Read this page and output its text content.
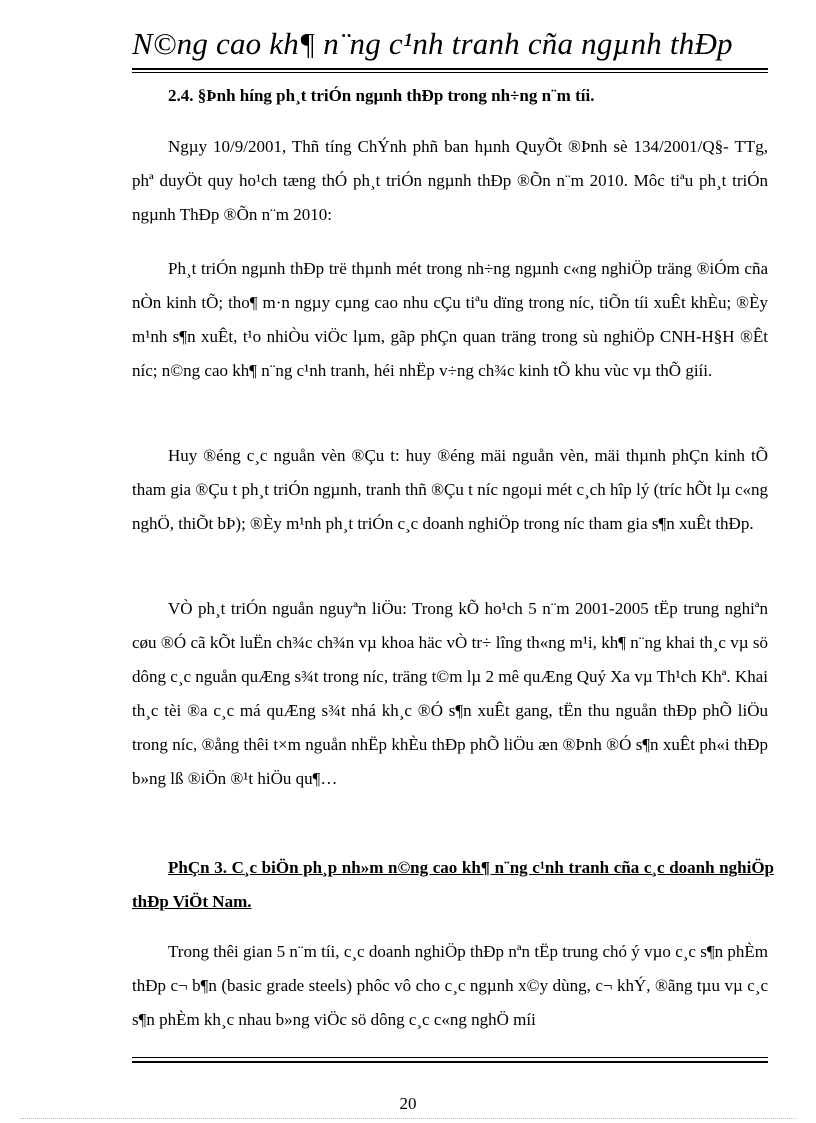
N©ng cao kh¶ n¨ng c¹nh tranh cña ngµnh thÐp
2.4. §Þnh híng ph¸t triÓn ngµnh thÐp trong nh÷ng n¨m tíi.

Ngµy 10/9/2001, Thñ tíng ChÝnh phñ ban hµnh QuyÕt ®Þnh sè 134/2001/Q§- TTg, phª duyÖt quy ho¹ch tæng thÓ ph¸t triÓn ngµnh thÐp ®Õn n¨m 2010. Môc tiªu ph¸t triÓn ngµnh ThÐp ®Õn n¨m 2010:

Ph¸t triÓn ngµnh thÐp trë thµnh mét trong nh÷ng ngµnh c«ng nghiÖp träng ®iÓm cña nÒn kinh tÕ; tho¶ m·n ngµy cµng cao nhu cÇu tiªu dïng trong níc, tiÕn tíi xuÊt khÈu; ®Èy m¹nh s¶n xuÊt, t¹o nhiÒu viÖc lµm, gãp phÇn quan träng trong sù nghiÖp CNH-H§H ®Êt níc; n©ng cao kh¶ n¨ng c¹nh tranh, héi nhËp v÷ng ch¾c kinh tÕ khu vùc vµ thÕ giíi.

Huy ®éng c¸c nguån vèn ®Çu t: huy ®éng mäi nguån vèn, mäi thµnh phÇn kinh tÕ tham gia ®Çu t ph¸t triÓn ngµnh, tranh thñ ®Çu t níc ngoµi mét c¸ch hîp lý (tríc hÕt lµ c«ng nghÖ, thiÕt bÞ); ®Èy m¹nh ph¸t triÓn c¸c doanh nghiÖp trong níc tham gia s¶n xuÊt thÐp.

VÒ ph¸t triÓn nguån nguyªn liÖu: Trong kÕ ho¹ch 5 n¨m 2001-2005 tËp trung nghiªn cøu ®Ó cã kÕt luËn ch¾c ch¾n vµ khoa häc vÒ tr÷ lîng th«ng m¹i, kh¶ n¨ng khai th¸c vµ sö dông c¸c nguån quÆng s¾t trong níc, träng t©m lµ 2 mê quÆng Quý Xa vµ Th¹ch Khª. Khai th¸c tèi ®a c¸c má quÆng s¾t nhá kh¸c ®Ó s¶n xuÊt gang, tËn thu nguån thÐp phÕ liÖu trong níc, ®ång thêi t×m nguån nhËp khÈu thÐp phÕ liÖu æn ®Þnh ®Ó s¶n xuÊt ph«i thÐp b»ng lß ®iÖn ®¹t hiÖu qu¶…

PhÇn 3. C¸c biÖn ph¸p nh»m n©ng cao kh¶ n¨ng c¹nh tranh cña c¸c doanh nghiÖp thÐp ViÖt Nam.

Trong thêi gian 5 n¨m tíi, c¸c doanh nghiÖp thÐp nªn tËp trung chó ý vµo c¸c s¶n phÈm thÐp c¬ b¶n (basic grade steels) phôc vô cho c¸c ngµnh x©y dùng, c¬ khÝ, ®ãng tµu vµ c¸c s¶n phÈm kh¸c nhau b»ng viÖc sö dông c¸c c«ng nghÖ míi

20
